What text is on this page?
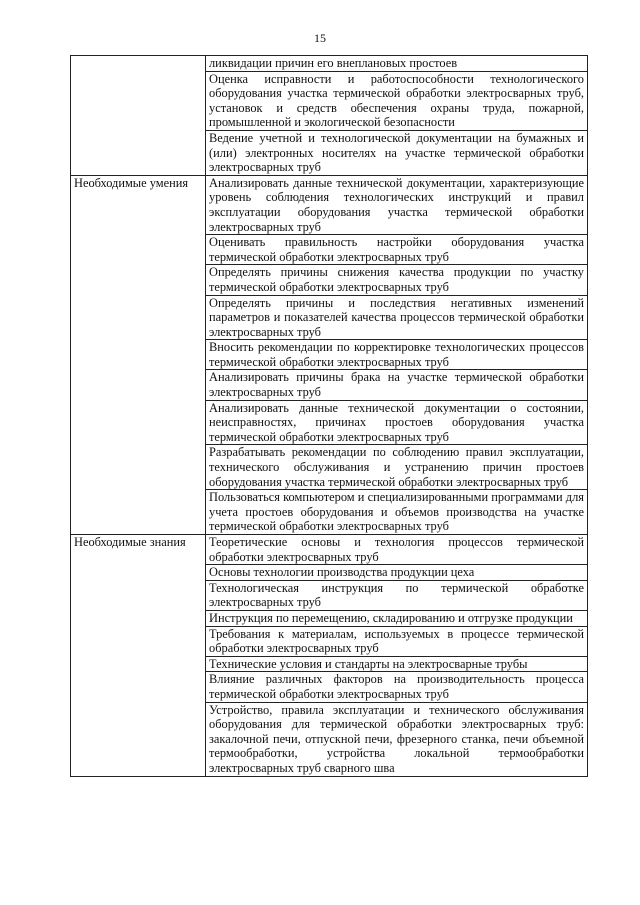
15
	ликвидации причин его внеплановых простоев
	Оценка исправности и работоспособности технологического оборудования участка термической обработки электросварных труб, установок и средств обеспечения охраны труда, пожарной, промышленной и экологической безопасности
	Ведение учетной и технологической документации на бумажных и (или) электронных носителях на участке термической обработки электросварных труб
Необходимые умения	Анализировать данные технической документации, характеризующие уровень соблюдения технологических инструкций и правил эксплуатации оборудования участка термической обработки электросварных труб
	Оценивать правильность настройки оборудования участка термической обработки электросварных труб
	Определять причины снижения качества продукции по участку термической обработки электросварных труб
	Определять причины и последствия негативных изменений параметров и показателей качества процессов термической обработки электросварных труб
	Вносить рекомендации по корректировке технологических процессов термической обработки электросварных труб
	Анализировать причины брака на участке термической обработки электросварных труб
	Анализировать данные технической документации о состоянии, неисправностях, причинах простоев оборудования участка термической обработки электросварных труб
	Разрабатывать рекомендации по соблюдению правил эксплуатации, технического обслуживания и устранению причин простоев оборудования участка термической обработки электросварных труб
	Пользоваться компьютером и специализированными программами для учета простоев оборудования и объемов производства на участке термической обработки электросварных труб
Необходимые знания	Теоретические основы и технология процессов термической обработки электросварных труб
	Основы технологии производства продукции цеха
	Технологическая инструкция по термической обработке электросварных труб
	Инструкция по перемещению, складированию и отгрузке продукции
	Требования к материалам, используемых в процессе термической обработки электросварных труб
	Технические условия и стандарты на электросварные трубы
	Влияние различных факторов на производительность процесса термической обработки электросварных труб
	Устройство, правила эксплуатации и технического обслуживания оборудования для термической обработки электросварных труб: закалочной печи, отпускной печи, фрезерного станка, печи объемной термообработки, устройства локальной термообработки электросварных труб сварного шва
